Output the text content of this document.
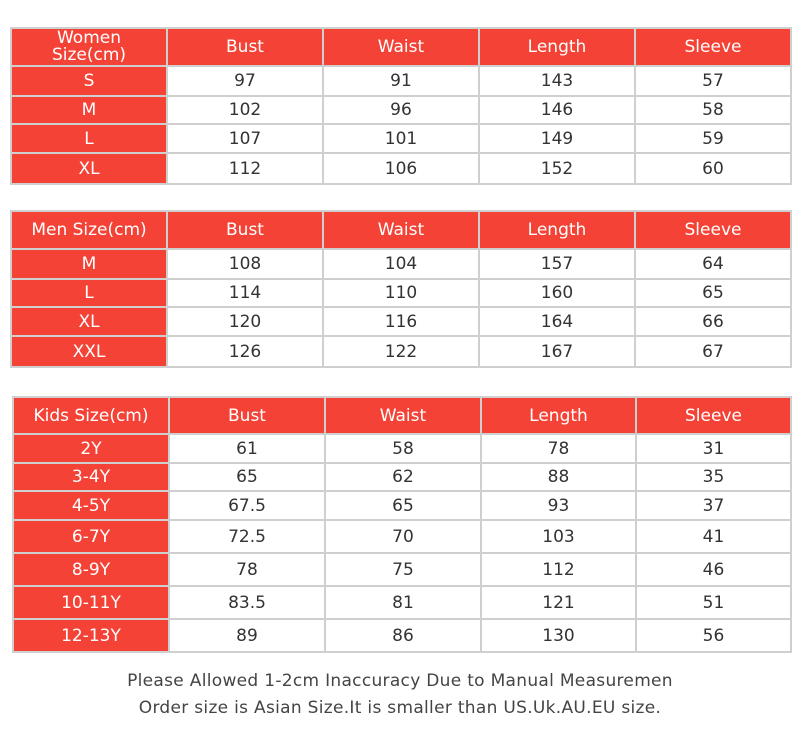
Women
Size(cm)	Bust	Waist	Length	Sleeve
S	97	91	143	57
M	102	96	146	58
L	107	101	149	59
XL	112	106	152	60
Men Size(cm)	Bust	Waist	Length	Sleeve
M	108	104	157	64
L	114	110	160	65
XL	120	116	164	66
XXL	126	122	167	67
Kids Size(cm)	Bust	Waist	Length	Sleeve
2Y	61	58	78	31
3-4Y	65	62	88	35
4-5Y	67.5	65	93	37
6-7Y	72.5	70	103	41
8-9Y	78	75	112	46
10-11Y	83.5	81	121	51
12-13Y	89	86	130	56
Please Allowed 1-2cm Inaccuracy Due to Manual Measuremen
Order size is Asian Size.It is smaller than US.Uk.AU.EU size.
